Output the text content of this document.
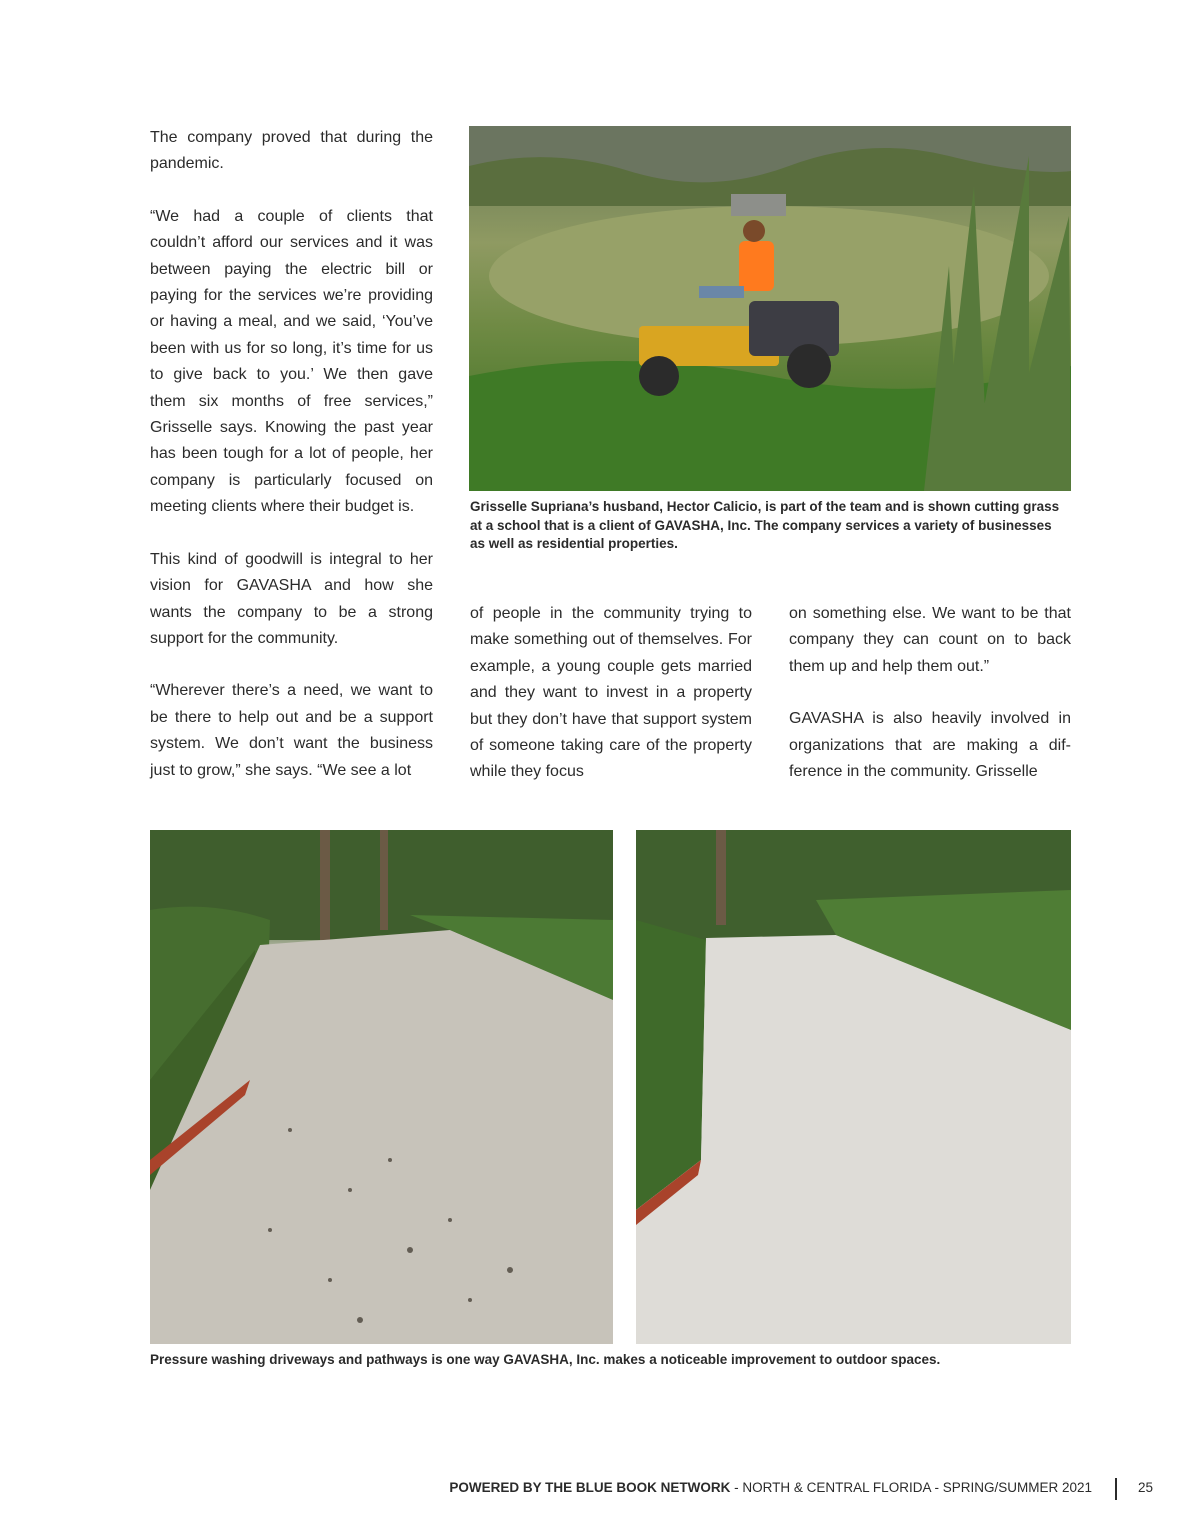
The company proved that during the pandemic.

“We had a couple of clients that couldn’t afford our services and it was between paying the electric bill or paying for the services we’re providing or having a meal, and we said, ‘You’ve been with us for so long, it’s time for us to give back to you.’ We then gave them six months of free services,” Grisselle says. Knowing the past year has been tough for a lot of people, her company is particularly focused on meeting clients where their budget is.

This kind of goodwill is integral to her vision for GAVASHA and how she wants the company to be a strong support for the community.

“Wherever there’s a need, we want to be there to help out and be a support system. We don’t want the business just to grow,” she says. “We see a lot

Grisselle Supriana’s husband, Hector Calicio, is part of the team and is shown cutting grass at a school that is a client of GAVASHA, Inc. The company services a variety of businesses as well as residential properties.

of people in the community trying to make something out of themselves. For example, a young couple gets married and they want to invest in a property but they don’t have that support system of someone taking care of the property while they focus

on something else. We want to be that company they can count on to back them up and help them out.”

GAVASHA is also heavily involved in organizations that are making a difference in the community. Grisselle

Pressure washing driveways and pathways is one way GAVASHA, Inc. makes a noticeable improvement to outdoor spaces.
POWERED BY THE BLUE BOOK NETWORK - NORTH & CENTRAL FLORIDA - SPRING/SUMMER 2021	25
